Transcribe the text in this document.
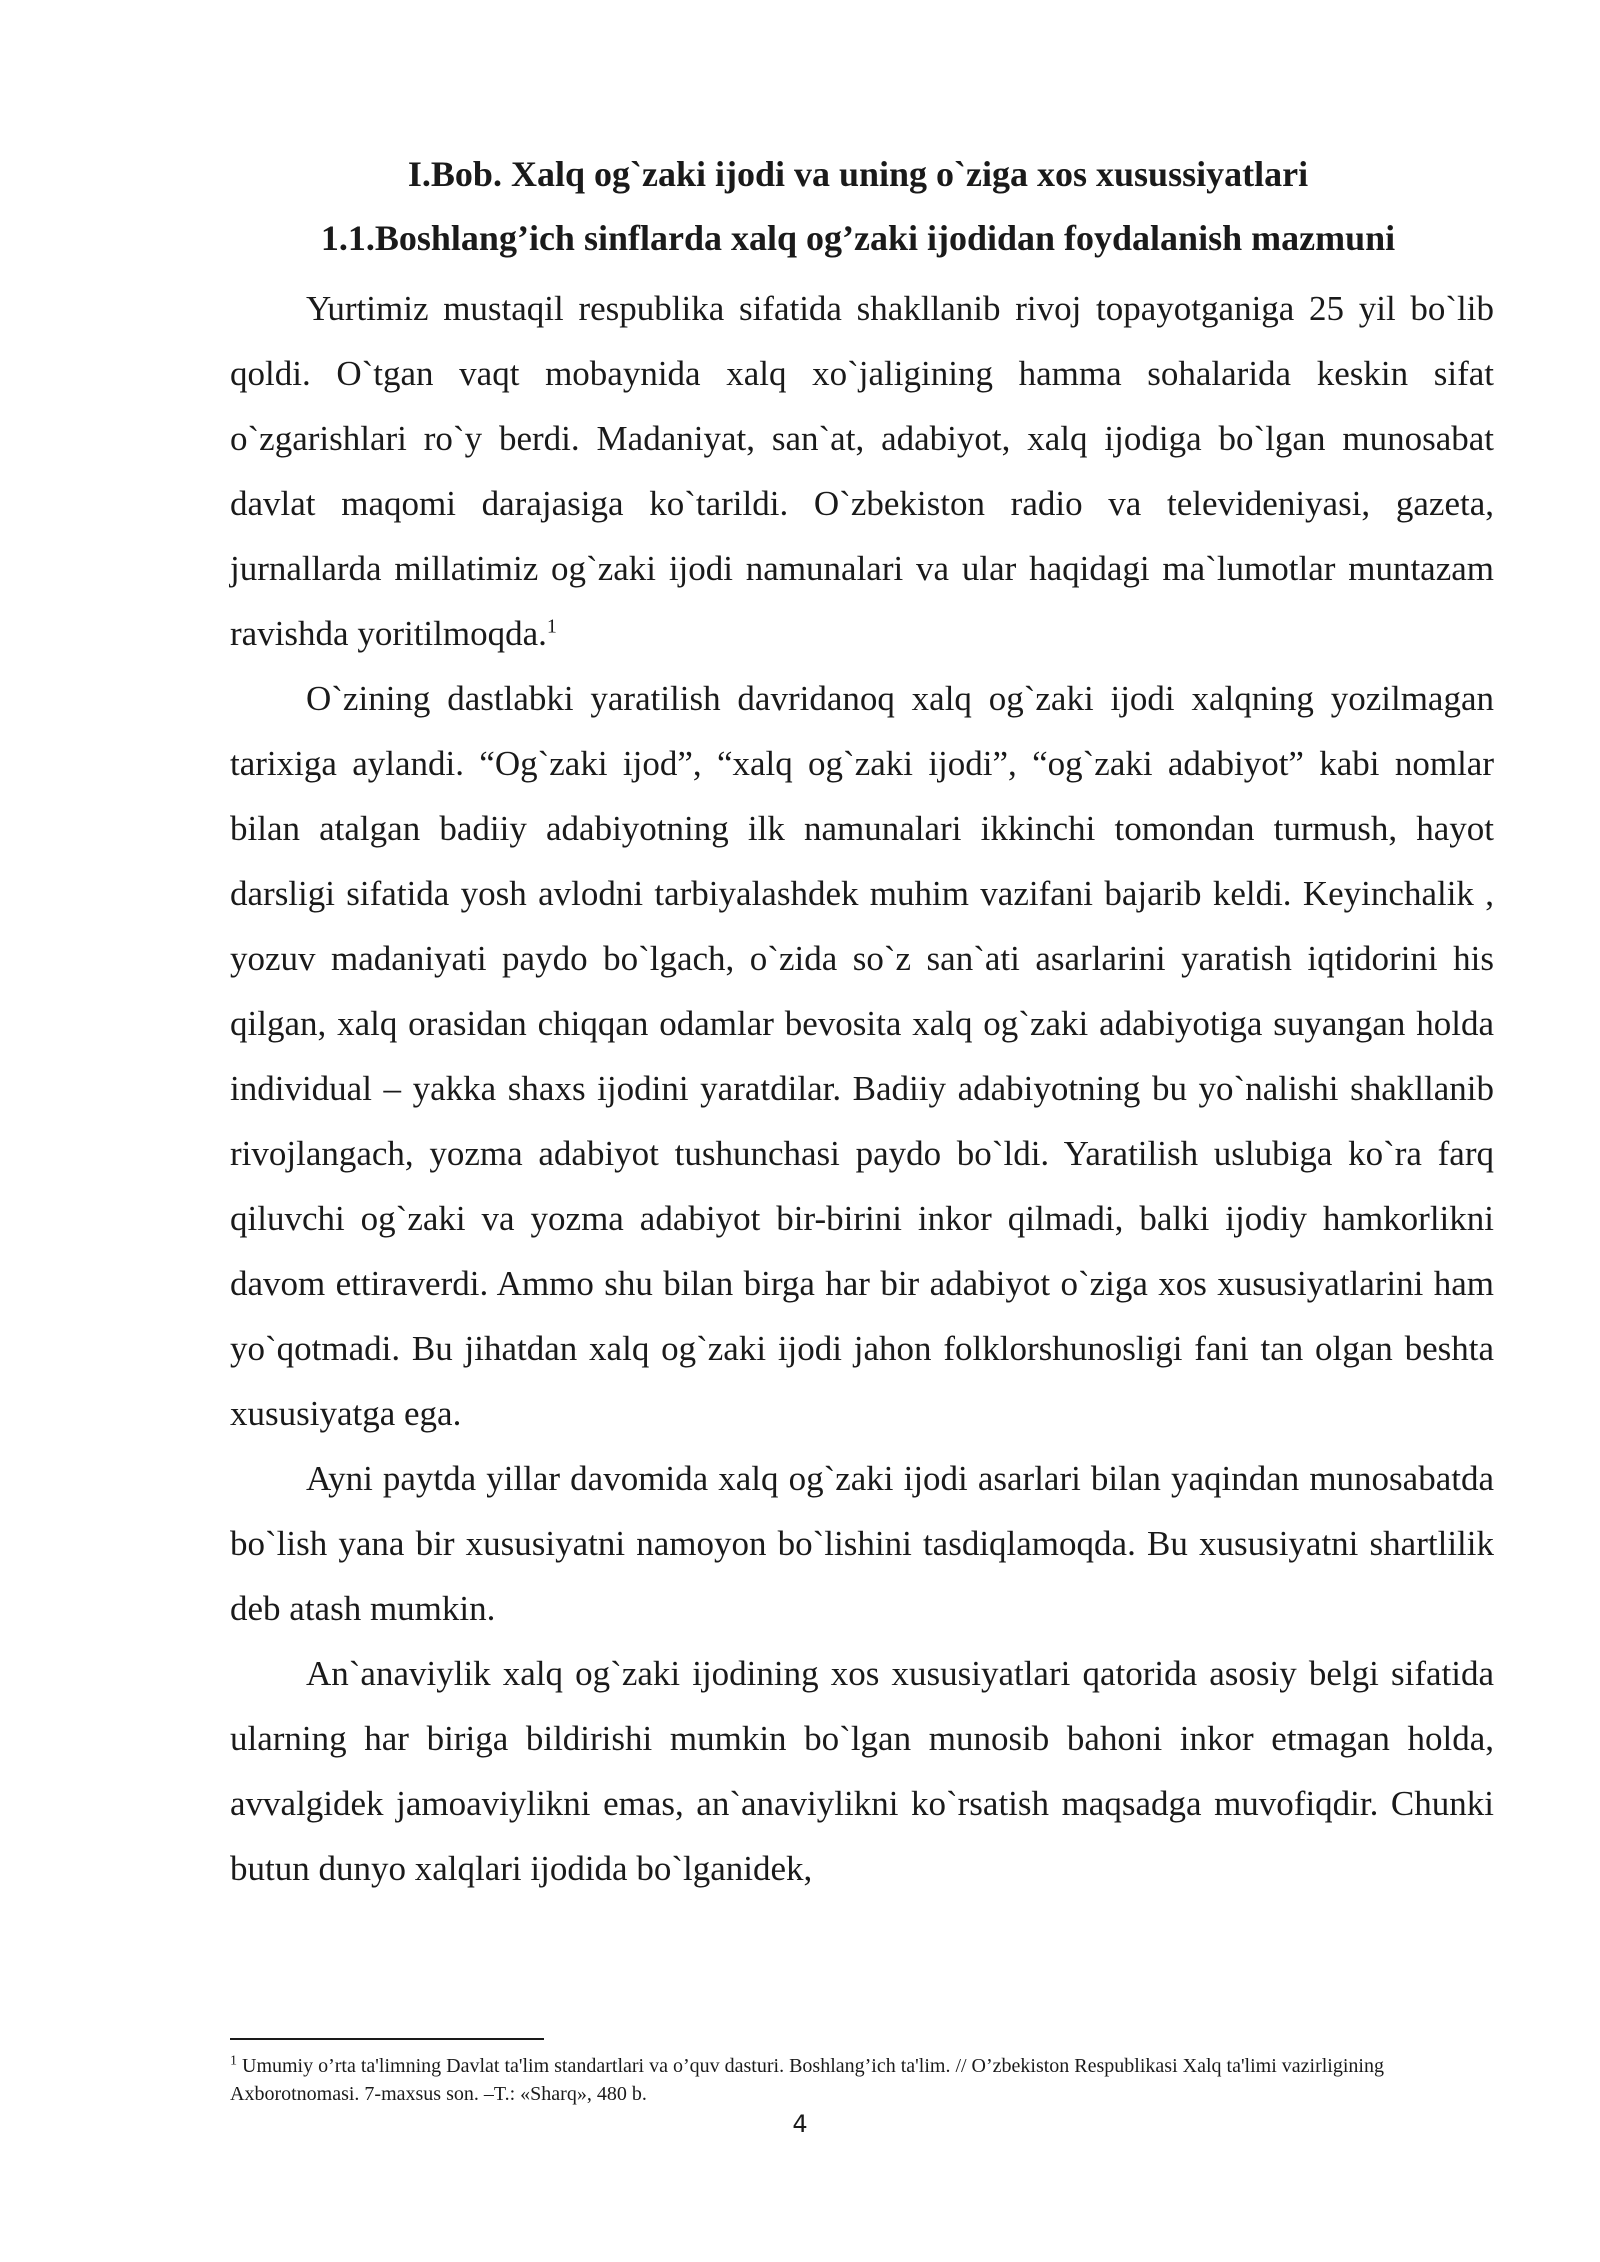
I.Bob. Xalq og`zaki ijodi va uning o`ziga xos xusussiyatlari
1.1.Boshlang’ich sinflarda xalq og’zaki ijodidan foydalanish mazmuni

Yurtimiz mustaqil respublika sifatida shakllanib rivoj topayotganiga 25 yil bo`lib qoldi. O`tgan vaqt mobaynida xalq xo`jaligining hamma sohalarida keskin sifat o`zgarishlari ro`y berdi. Madaniyat, san`at, adabiyot, xalq ijodiga bo`lgan munosabat davlat maqomi darajasiga ko`tarildi. O`zbekiston radio va televideniyasi, gazeta, jurnallarda millatimiz og`zaki ijodi namunalari va ular haqidagi ma`lumotlar muntazam ravishda yoritilmoqda.$^1$

O`zining dastlabki yaratilish davridanoq xalq og`zaki ijodi xalqning yozilmagan tarixiga aylandi. “Og`zaki ijod”, “xalq og`zaki ijodi”, “og`zaki adabiyot” kabi nomlar bilan atalgan badiiy adabiyotning ilk namunalari ikkinchi tomondan turmush, hayot darsligi sifatida yosh avlodni tarbiyalashdek muhim vazifani bajarib keldi. Keyinchalik , yozuv madaniyati paydo bo`lgach, o`zida so`z san`ati asarlarini yaratish iqtidorini his qilgan, xalq orasidan chiqqan odamlar bevosita xalq og`zaki adabiyotiga suyangan holda individual – yakka shaxs ijodini yaratdilar. Badiiy adabiyotning bu yo`nalishi shakllanib rivojlangach, yozma adabiyot tushunchasi paydo bo`ldi. Yaratilish uslubiga ko`ra farq qiluvchi og`zaki va yozma adabiyot bir-birini inkor qilmadi, balki ijodiy hamkorlikni davom ettiraverdi. Ammo shu bilan birga har bir adabiyot o`ziga xos xususiyatlarini ham yo`qotmadi. Bu jihatdan xalq og`zaki ijodi jahon folklorshunosligi fani tan olgan beshta xususiyatga ega.

Ayni paytda yillar davomida xalq og`zaki ijodi asarlari bilan yaqindan munosabatda bo`lish yana bir xususiyatni namoyon bo`lishini tasdiqlamoqda. Bu xususiyatni shartlilik deb atash mumkin.

An`anaviylik xalq og`zaki ijodining xos xususiyatlari qatorida asosiy belgi sifatida ularning har biriga bildirishi mumkin bo`lgan munosib bahoni inkor etmagan holda, avvalgidek jamoaviylikni emas, an`anaviylikni ko`rsatish maqsadga muvofiqdir. Chunki butun dunyo xalqlari ijodida bo`lganidek,

$^1$ Umumiy o’rta ta'limning Davlat ta'lim standartlari va o’quv dasturi. Boshlang’ich ta'lim. // O’zbekiston Respublikasi Xalq ta'limi vazirligining Axborotnomasi. 7-maxsus son. –T.: «Sharq», 480 b.
4
